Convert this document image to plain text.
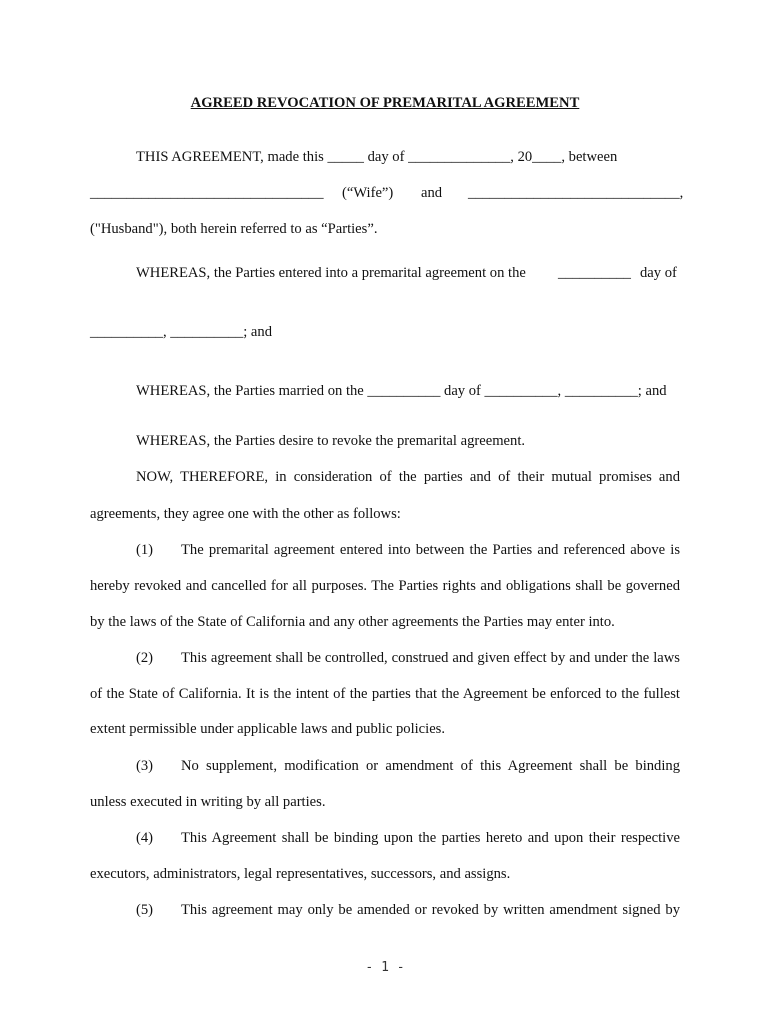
AGREED REVOCATION OF PREMARITAL AGREEMENT
THIS AGREEMENT, made this _____ day of ______________, 20____, between
________________________________ (“Wife”) and _____________________________,
("Husband"), both herein referred to as “Parties”.
WHEREAS, the Parties entered into a premarital agreement on the __________ day of
__________, __________; and
WHEREAS, the Parties married on the __________ day of __________, __________; and
WHEREAS, the Parties desire to revoke the premarital agreement.
NOW, THEREFORE, in consideration of the parties and of their mutual promises and
agreements, they agree one with the other as follows:
(1) The premarital agreement entered into between the Parties and referenced above is
hereby revoked and cancelled for all purposes. The Parties rights and obligations shall be governed
by the laws of the State of California and any other agreements the Parties may enter into.
(2) This agreement shall be controlled, construed and given effect by and under the laws
of the State of California. It is the intent of the parties that the Agreement be enforced to the fullest
extent permissible under applicable laws and public policies.
(3) No supplement, modification or amendment of this Agreement shall be binding
unless executed in writing by all parties.
(4) This Agreement shall be binding upon the parties hereto and upon their respective
executors, administrators, legal representatives, successors, and assigns.
(5) This agreement may only be amended or revoked by written amendment signed by
- 1 -
